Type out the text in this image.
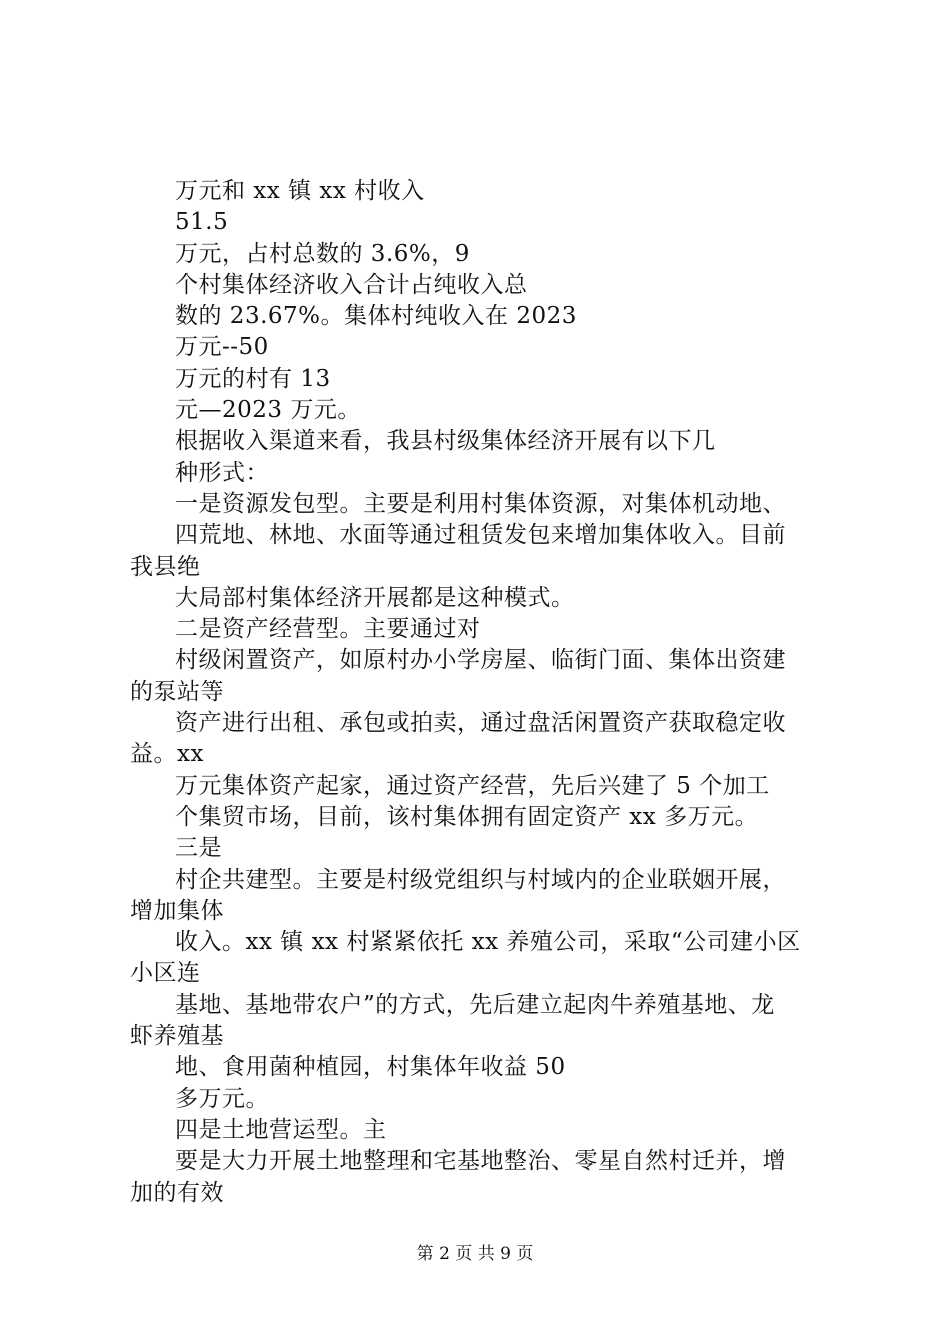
万元和 xx 镇 xx 村收入
51.5
万元，占村总数的 3.6%，9
个村集体经济收入合计占纯收入总
数的 23.67%。集体村纯收入在 2023
万元--50
万元的村有 13
元—2023 万元。
根据收入渠道来看，我县村级集体经济开展有以下几
种形式：
一是资源发包型。主要是利用村集体资源，对集体机动地、
四荒地、林地、水面等通过租赁发包来增加集体收入。目前
我县绝
大局部村集体经济开展都是这种模式。
二是资产经营型。主要通过对
村级闲置资产，如原村办小学房屋、临街门面、集体出资建
的泵站等
资产进行出租、承包或拍卖，通过盘活闲置资产获取稳定收
益。xx
万元集体资产起家，通过资产经营，先后兴建了 5 个加工
个集贸市场，目前，该村集体拥有固定资产 xx 多万元。
三是
村企共建型。主要是村级党组织与村域内的企业联姻开展，
增加集体
收入。xx 镇 xx 村紧紧依托 xx 养殖公司，采取“公司建小区
小区连
基地、基地带农户”的方式，先后建立起肉牛养殖基地、龙
虾养殖基
地、食用菌种植园，村集体年收益 50
多万元。
四是土地营运型。主
要是大力开展土地整理和宅基地整治、零星自然村迁并，增
加的有效
第 2 页 共 9 页
